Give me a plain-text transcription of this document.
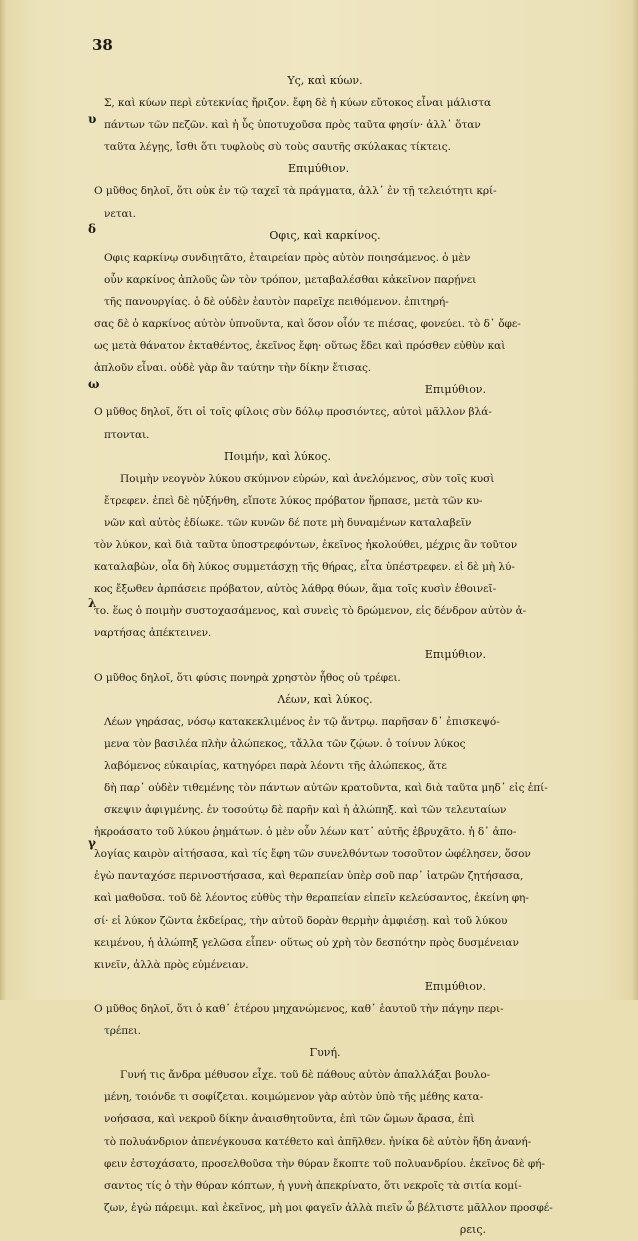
38
υ
δ
ω
λ
γ
Υς, καὶ κύων.
Σ, καὶ κύων περὶ εὐτεκνίας ἤριζον. ἔφη δὲ ἡ κύων εὔτοκος εἶναι μάλιστα
πάντων τῶν πεζῶν. καὶ ἡ ὗς ὑποτυχοῦσα πρὸς ταῦτα φησίν· ἀλλ᾽ ὅταν
ταῦτα λέγῃς, ἴσθι ὅτι τυφλοὺς σὺ τοὺς σαυτῆς σκύλακας τίκτεις.
Επιμύθιον.
Ο μῦθος δηλοῖ, ὅτι οὐκ ἐν τῷ ταχεῖ τὰ πράγματα, ἀλλ᾽ ἐν τῇ τελειότητι κρί-
νεται.
Οφις, καὶ καρκίνος.
Οφις καρκίνῳ συνδιῃτᾶτο, ἑταιρείαν πρὸς αὐτὸν ποιησάμενος. ὁ μὲν
οὖν καρκίνος ἁπλοῦς ὢν τὸν τρόπον, μεταβαλέσθαι κἀκεῖνον παρῄνει
τῆς πανουργίας. ὁ δὲ οὐδὲν ἑαυτὸν παρεῖχε πειθόμενον. ἐπιτηρή-
σας δὲ ὁ καρκίνος αὐτὸν ὑπνοῦντα, καὶ ὅσον οἷόν τε πιέσας, φονεύει. τὸ δ᾽ ὄφε-
ως μετὰ θάνατον ἐκταθέντος, ἐκεῖνος ἔφη· οὕτως ἔδει καὶ πρόσθεν εὐθὺν καὶ
ἁπλοῦν εἶναι. οὐδὲ γὰρ ἂν ταύτην τὴν δίκην ἔτισας.
Επιμύθιον.
Ο μῦθος δηλοῖ, ὅτι οἱ τοῖς φίλοις σὺν δόλῳ προσιόντες, αὐτοὶ μᾶλλον βλά-
πτονται.
Ποιμήν, καὶ λύκος.
Ποιμὴν νεογνὸν λύκου σκύμνον εὑρών, καὶ ἀνελόμενος, σὺν τοῖς κυσὶ
ἔτρεφεν. ἐπεὶ δὲ ηὐξήνθη, εἴποτε λύκος πρόβατον ἥρπασε, μετὰ τῶν κυ-
νῶν καὶ αὐτὸς ἐδίωκε. τῶν κυνῶν δέ ποτε μὴ δυναμένων καταλαβεῖν
τὸν λύκον, καὶ διὰ ταῦτα ὑποστρεφόντων, ἐκεῖνος ἠκολούθει, μέχρις ἂν τοῦτον
καταλαβὼν, οἷα δὴ λύκος συμμετάσχῃ τῆς θήρας, εἶτα ὑπέστρεφεν. εἰ δὲ μὴ λύ-
κος ἔξωθεν ἁρπάσειε πρόβατον, αὐτὸς λάθρᾳ θύων, ἅμα τοῖς κυσὶν ἐθοινεῖ-
το. ἕως ὁ ποιμὴν συστοχασάμενος, καὶ συνεὶς τὸ δρώμενον, εἰς δένδρον αὐτὸν ἀ-
ναρτήσας ἀπέκτεινεν.
Επιμύθιον.
Ο μῦθος δηλοῖ, ὅτι φύσις πονηρὰ χρηστὸν ἦθος οὐ τρέφει.
Λέων, καὶ λύκος.
Λέων γηράσας, νόσῳ κατακεκλιμένος ἐν τῷ ἄντρῳ. παρῆσαν δ᾽ ἐπισκεψό-
μενα τὸν βασιλέα πλὴν ἀλώπεκος, τἄλλα τῶν ζῴων. ὁ τοίνυν λύκος
λαβόμενος εὐκαιρίας, κατηγόρει παρὰ λέοντι τῆς ἀλώπεκος, ἅτε
δὴ παρ᾽ οὐδὲν τιθεμένης τὸν πάντων αὐτῶν κρατοῦντα, καὶ διὰ ταῦτα μηδ᾽ εἰς ἐπί-
σκεψιν ἀφιγμένης. ἐν τοσούτῳ δὲ παρῆν καὶ ἡ ἀλώπηξ. καὶ τῶν τελευταίων
ἠκροάσατο τοῦ λύκου ῥημάτων. ὁ μὲν οὖν λέων κατ᾽ αὐτῆς ἐβρυχᾶτο. ἡ δ᾽ ἀπο-
λογίας καιρὸν αἰτήσασα, καὶ τίς ἔφη τῶν συνελθόντων τοσοῦτον ὠφέλησεν, ὅσον
ἐγὼ πανταχόσε περινοστήσασα, καὶ θεραπείαν ὑπὲρ σοῦ παρ᾽ ἰατρῶν ζητήσασα,
καὶ μαθοῦσα. τοῦ δὲ λέοντος εὐθὺς τὴν θεραπείαν εἰπεῖν κελεύσαντος, ἐκείνη φη-
σί· εἰ λύκον ζῶντα ἐκδείρας, τὴν αὐτοῦ δορὰν θερμὴν ἀμφιέσῃ. καὶ τοῦ λύκου
κειμένου, ἡ ἀλώπηξ γελῶσα εἶπεν· οὕτως οὐ χρὴ τὸν δεσπότην πρὸς δυσμένειαν
κινεῖν, ἀλλὰ πρὸς εὐμένειαν.
Επιμύθιον.
Ο μῦθος δηλοῖ, ὅτι ὁ καθ᾽ ἑτέρου μηχανώμενος, καθ᾽ ἑαυτοῦ τὴν πάγην περι-
τρέπει.
Γυνή.
Γυνή τις ἄνδρα μέθυσον εἶχε. τοῦ δὲ πάθους αὐτὸν ἀπαλλάξαι βουλο-
μένη, τοιόνδε τι σοφίζεται. κοιμώμενον γὰρ αὐτὸν ὑπὸ τῆς μέθης κατα-
νοήσασα, καὶ νεκροῦ δίκην ἀναισθητοῦντα, ἐπὶ τῶν ὤμων ἄρασα, ἐπὶ
τὸ πολυάνδριον ἀπενέγκουσα κατέθετο καὶ ἀπῆλθεν. ἡνίκα δὲ αὐτὸν ἤδη ἀνανή-
φειν ἐστοχάσατο, προσελθοῦσα τὴν θύραν ἔκοπτε τοῦ πολυανδρίου. ἐκεῖνος δὲ φή-
σαντος τίς ὁ τὴν θύραν κόπτων, ἡ γυνὴ ἀπεκρίνατο, ὅτι νεκροῖς τὰ σιτία κομί-
ζων, ἐγὼ πάρειμι. καὶ ἐκεῖνος, μὴ μοι φαγεῖν ἀλλὰ πιεῖν ὦ βέλτιστε μᾶλλον προσφέ-
ρεις.
